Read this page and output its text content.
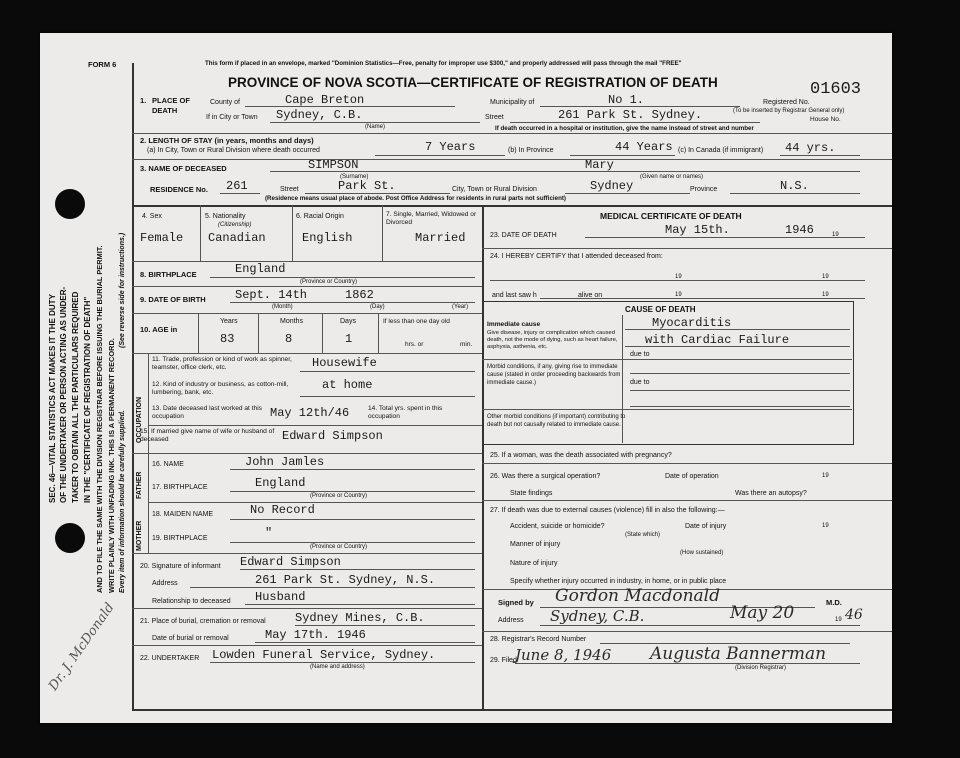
SEC. 46—VITAL STATISTICS ACT MAKES IT THE DUTY OF THE UNDERTAKER OR PERSON ACTING AS UNDER- TAKER TO OBTAIN ALL THE PARTICULARS REQUIRED IN THE "CERTIFICATE OF REGISTRATION OF DEATH" AND TO FILE THE SAME WITH THE DIVISION REGISTRAR BEFORE ISSUING THE BURIAL PERMIT. WRITE PLAINLY WITH UNFADING INK. THIS IS A PERMANENT RECORD. Every item of information should be carefully supplied.
(See reverse side for instructions.)
Dr. J. McDonald
FORM 6	This form if placed in an envelope, marked "Dominion Statistics—Free, penalty for improper use $300," and properly addressed will pass through the mail "FREE"
PROVINCE OF NOVA SCOTIA—CERTIFICATE OF REGISTRATION OF DEATH	01603
1. PLACE OF DEATH
County of	Cape Breton	Municipality of	No 1.	Registered No.
(To be inserted by Registrar General only)
If in City or Town Sydney, C.B.
(Name)
Street	261 Park St. Sydney.	House No.
If death occurred in a hospital or institution, give the name instead of street and number
2. LENGTH OF STAY (in years, months and days)
(a) In City, Town or Rural Division where death occurred	7 Years	(b) In Province	44 Years (c) In Canada (if immigrant) 44 yrs.
3. NAME OF DECEASED	SIMPSON	Mary
(Surname)	(Given name or names)
RESIDENCE No. 261	Street	Park St.	City, Town or Rural Division	Sydney	Province	N.S.
(Residence means usual place of abode. Post Office Address for residents in rural parts not sufficient)
4. Sex
Female
5. Nationality
(Citizenship)
Canadian
6. Racial Origin
English
7. Single, Married, Widowed or Divorced
Married
8. BIRTHPLACE	England
(Province or Country)
9. DATE OF BIRTH Sept. 14th	1862
(Month)	(Day)	(Year)
10. AGE in
Years	Months	Days
83	8	1
If less than one day old
hrs. or	min.
OCCUPATION
11. Trade, profession or kind of work as spinner, teamster, office clerk, etc.	Housewife
12. Kind of industry or business, as cotton-mill, lumbering, bank, etc.
at home
13. Date deceased last worked at this occupation	May 12th/46	14. Total yrs. spent in this occupation
15. If married give name of wife or husband of deceased	Edward Simpson
FATHER
MOTHER
16. NAME	John Jamles
17. BIRTHPLACE	England
(Province or Country)
18. MAIDEN NAME	No Record
19. BIRTHPLACE	"
(Province or Country)
20. Signature of informant Edward Simpson
Address	261 Park St. Sydney, N.S.
Relationship to deceased Husband
21. Place of burial, cremation or removal Sydney Mines, C.B.
Date of burial or removal	May 17th. 1946
22. UNDERTAKER Lowden Funeral Service, Sydney.
(Name and address)
MEDICAL CERTIFICATE OF DEATH
23. DATE OF DEATH	May 15th.	1946	19
24. I HEREBY CERTIFY that I attended deceased from:
19	19
and last saw h	alive on	19	19
CAUSE OF DEATH
Immediate cause
Give disease, injury or complication which caused death, not the mode of dying, such as heart failure, asphyxia, asthenia, etc.
Myocarditis
with Cardiac Failure
due to
Morbid conditions, if any, giving rise to immediate cause (stated in order proceeding backwards from immediate cause.)	due to
Other morbid conditions (if important) contributing to death but not causally related to immediate cause.
25. If a woman, was the death associated with pregnancy?
26. Was there a surgical operation?	Date of operation	19
State findings	Was there an autopsy?
27. If death was due to external causes (violence) fill in also the following:—
Accident, suicide or homicide?
(State which)
Date of injury	19
Manner of injury
(How sustained)
Nature of injury
Specify whether injury occurred in industry, in home, or in public place
Signed by Gordon Macdonald	M.D.
Address Sydney, C.B.	May 20	19 46
28. Registrar's Record Number
29. Filed
June 8, 1946 Augusta Bannerman
(Division Registrar)
